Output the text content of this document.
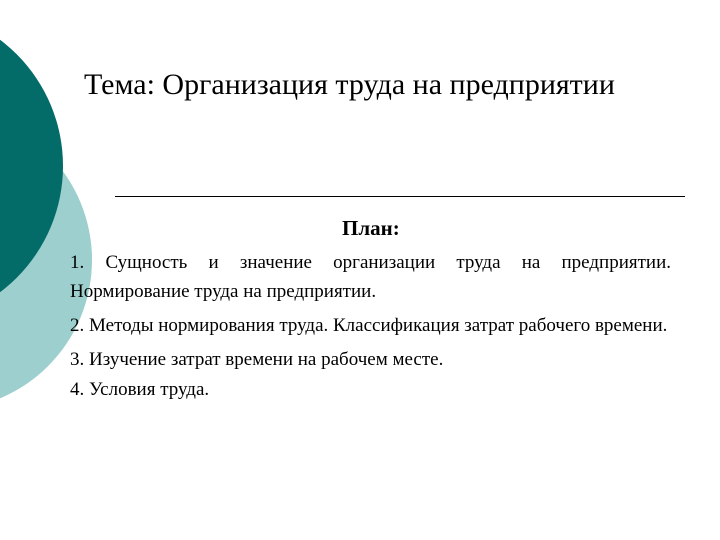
Тема: Организация труда на предприятии
План:
1. Сущность и значение организации труда на предприятии. Нормирование труда на предприятии.
2. Методы нормирования труда. Классификация затрат рабочего времени.
3. Изучение затрат времени на рабочем месте.
4. Условия труда.
